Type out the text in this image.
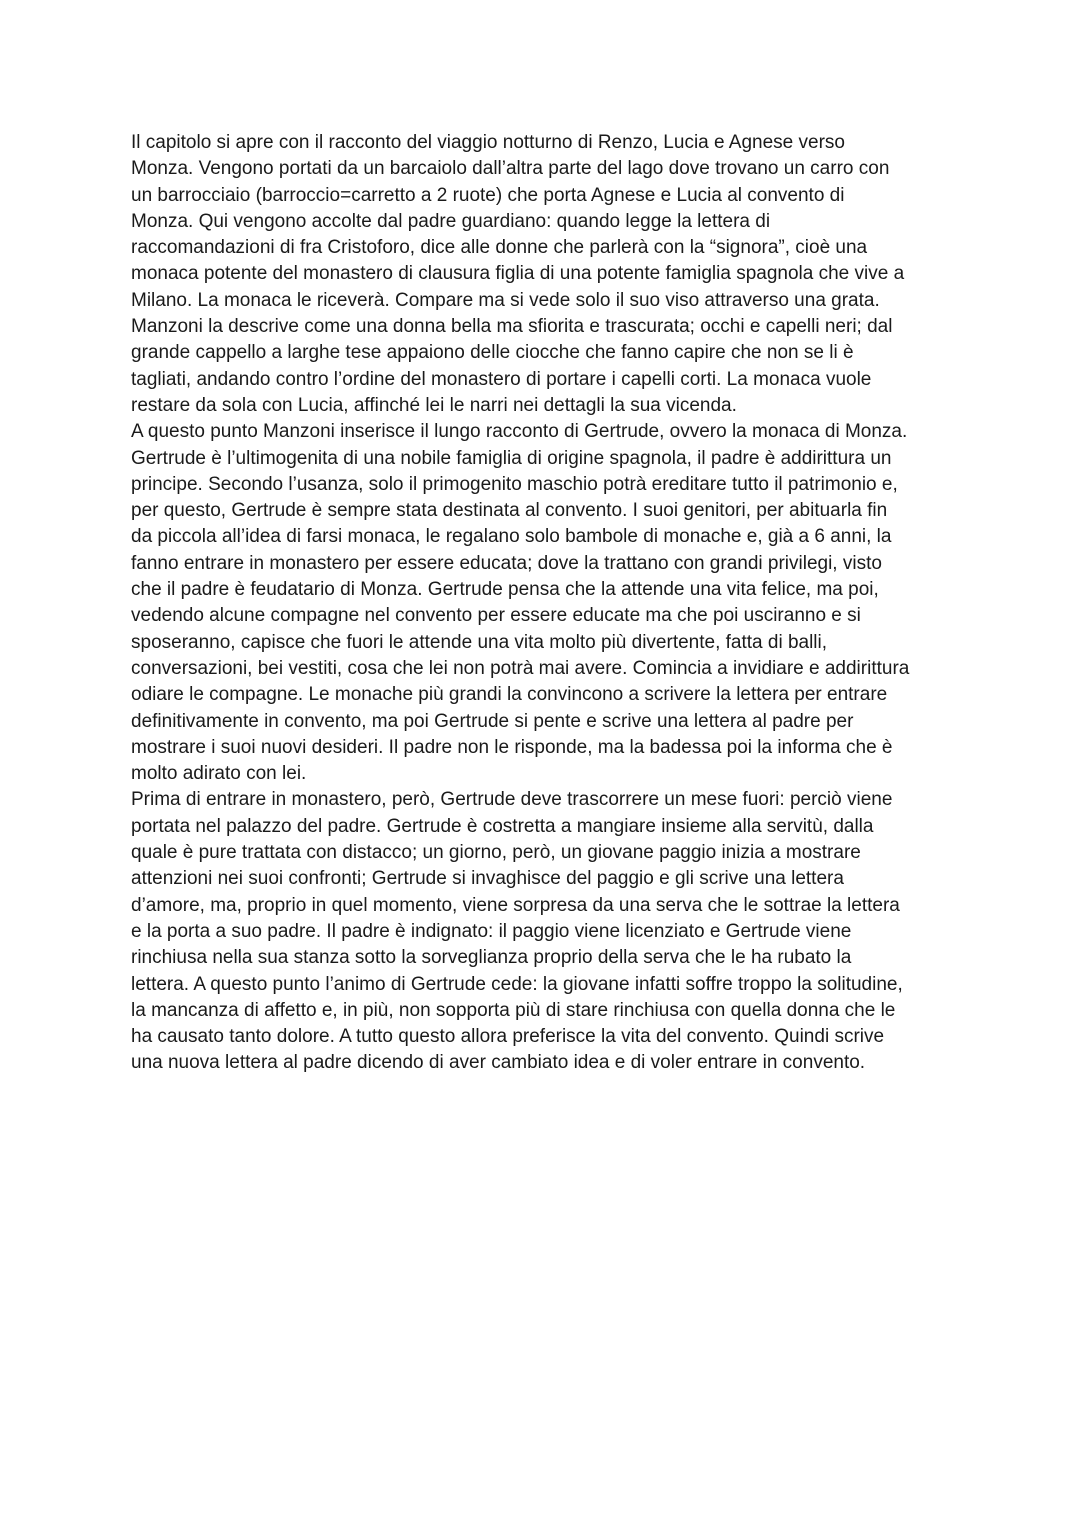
Il capitolo si apre con il racconto del viaggio notturno di Renzo, Lucia e Agnese verso
Monza. Vengono portati da un barcaiolo dall’altra parte del lago dove trovano un carro con
un barrocciaio (barroccio=carretto a 2 ruote) che porta Agnese e Lucia al convento di
Monza. Qui vengono accolte dal padre guardiano: quando legge la lettera di
raccomandazioni di fra Cristoforo, dice alle donne che parlerà con la “signora”, cioè una
monaca potente del monastero di clausura figlia di una potente famiglia spagnola che vive a
Milano. La monaca le riceverà. Compare ma si vede solo il suo viso attraverso una grata.
Manzoni la descrive come una donna bella ma sfiorita e trascurata; occhi e capelli neri; dal
grande cappello a larghe tese appaiono delle ciocche che fanno capire che non se li è
tagliati, andando contro l’ordine del monastero di portare i capelli corti. La monaca vuole
restare da sola con Lucia, affinché lei le narri nei dettagli la sua vicenda.
A questo punto Manzoni inserisce il lungo racconto di Gertrude, ovvero la monaca di Monza.
Gertrude è l’ultimogenita di una nobile famiglia di origine spagnola, il padre è addirittura un
principe. Secondo l’usanza, solo il primogenito maschio potrà ereditare tutto il patrimonio e,
per questo, Gertrude è sempre stata destinata al convento. I suoi genitori, per abituarla fin
da piccola all’idea di farsi monaca, le regalano solo bambole di monache e, già a 6 anni, la
fanno entrare in monastero per essere educata; dove la trattano con grandi privilegi, visto
che il padre è feudatario di Monza. Gertrude pensa che la attende una vita felice, ma poi,
vedendo alcune compagne nel convento per essere educate ma che poi usciranno e si
sposeranno, capisce che fuori le attende una vita molto più divertente, fatta di balli,
conversazioni, bei vestiti, cosa che lei non potrà mai avere. Comincia a invidiare e addirittura
odiare le compagne. Le monache più grandi la convincono a scrivere la lettera per entrare
definitivamente in convento, ma poi Gertrude si pente e scrive una lettera al padre per
mostrare i suoi nuovi desideri. Il padre non le risponde, ma la badessa poi la informa che è
molto adirato con lei.
Prima di entrare in monastero, però, Gertrude deve trascorrere un mese fuori: perciò viene
portata nel palazzo del padre. Gertrude è costretta a mangiare insieme alla servitù, dalla
quale è pure trattata con distacco; un giorno, però, un giovane paggio inizia a mostrare
attenzioni nei suoi confronti; Gertrude si invaghisce del paggio e gli scrive una lettera
d’amore, ma, proprio in quel momento, viene sorpresa da una serva che le sottrae la lettera
e la porta a suo padre. Il padre è indignato: il paggio viene licenziato e Gertrude viene
rinchiusa nella sua stanza sotto la sorveglianza proprio della serva che le ha rubato la
lettera. A questo punto l’animo di Gertrude cede: la giovane infatti soffre troppo la solitudine,
la mancanza di affetto e, in più, non sopporta più di stare rinchiusa con quella donna che le
ha causato tanto dolore. A tutto questo allora preferisce la vita del convento. Quindi scrive
una nuova lettera al padre dicendo di aver cambiato idea e di voler entrare in convento.
